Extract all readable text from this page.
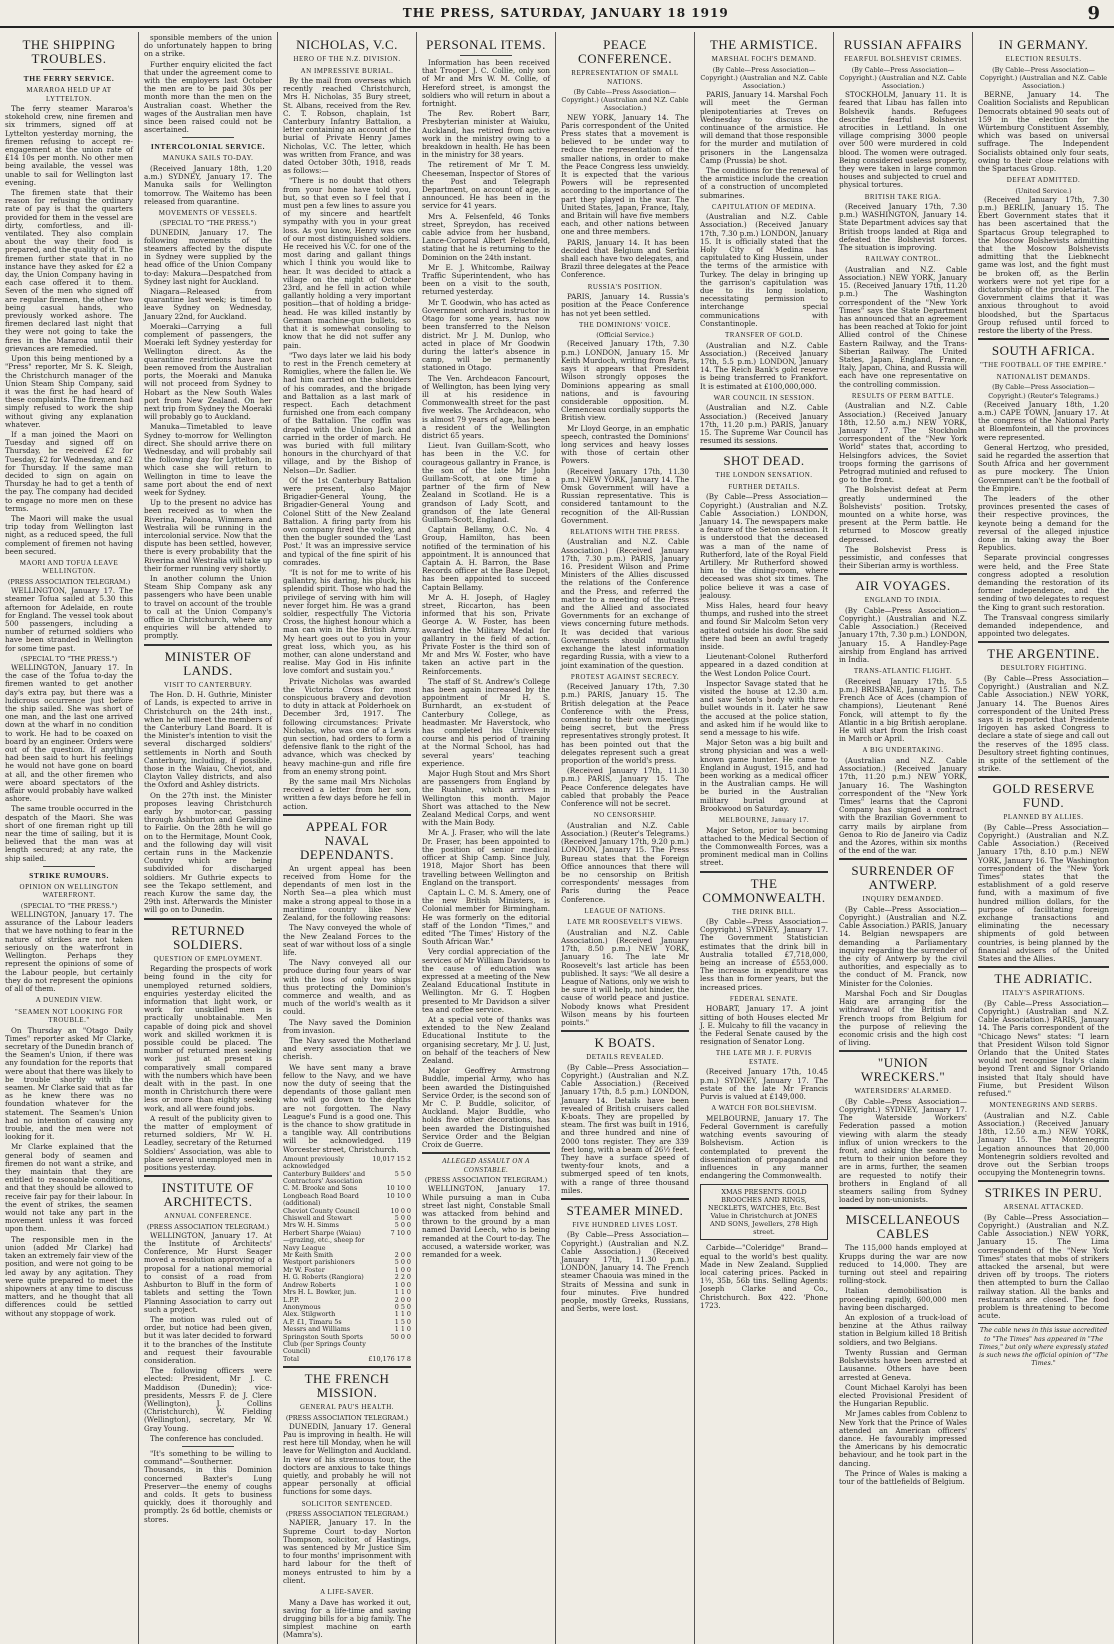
THE PRESS, SATURDAY, JANUARY 18 1919	9
THE SHIPPING TROUBLES.
THE FERRY SERVICE.
MARAROA HELD UP AT LYTTELTON.

The ferry steamer Mararoa's stokehold crew, nine firemen and six trimmers, signed off at Lyttelton yesterday morning, the firemen refusing to accept re-engagement at the union rate of £14 10s per month. No other men being available, the vessel was unable to sail for Wellington last evening.

The firemen state that their reason for refusing the ordinary rate of pay is that the quarters provided for them in the vessel are dirty, comfortless, and ill-ventilated. They also complain about the way their food is prepared, and the quality of it. The firemen further state that in no instance have they asked for £2 a day, the Union Company having in each case offered it to them. Seven of the men who signed off are regular firemen, the other two being casual hands, who previously worked ashore. The firemen declared last night that they were not going to take the fires in the Mararoa until their grievances are remedied.

Upon this being mentioned by a "Press" reporter, Mr S. K. Sleigh, the Christchurch manager of the Union Steam Ship Company, said it was the first he had heard of these complaints. The firemen had simply refused to work the ship without giving any explanation whatever.

If a man joined the Maori on Tuesday and signed off on Thursday, he received £2 for Tuesday, £2 for Wednesday, and £2 for Thursday. If the same man decided to sign on again on Thursday he had to get a tenth of the pay. The company had decided to engage no more men on these terms.

The Maori will make the usual trip today from Wellington last night, as a reduced speed, the full complement of firemen not having been secured.

MAORI AND TOFUA LEAVE WELLINGTON.
(PRESS ASSOCIATION TELEGRAM.)

WELLINGTON, January 17. The steamer Tofua sailed at 5.30 this afternoon for Adelaide, en route for England. The vessel took about 500 passengers, including a number of returned soldiers who have been stranded in Wellington for some time past.

(SPECIAL TO "THE PRESS.")

WELLINGTON, January 17. In the case of the Tofua to-day the firemen wanted to get another day's extra pay, but there was a ludicrous occurrence just before the ship sailed. She was short of one man, and the last one arrived down at the wharf in no condition to work. He had to be coaxed on board by an engineer. Orders were out of the question. If anything had been said to hurt his feelings he would not have gone on board at all, and the other firemen who were aboard spectators of the affair would probably have walked ashore.

The same trouble occurred in the despatch of the Maori. She was short of one fireman right up till near the time of sailing, but it is believed that the man was at length secured; at any rate, the ship sailed.

STRIKE RUMOURS.
OPINION ON WELLINGTON WATERFRONT.
(SPECIAL TO "THE PRESS.")

WELLINGTON, January 17. The assurance of the Labour leaders that we have nothing to fear in the nature of strikes are not taken seriously on the waterfront in Wellington. Perhaps they represent the opinions of some of the Labour people, but certainly they do not represent the opinions of all of them.

A DUNEDIN VIEW.
"SEAMEN NOT LOOKING FOR TROUBLE."

On Thursday an "Otago Daily Times" reporter asked Mr Clarke, secretary of the Dunedin branch of the Seamen's Union, if there was any foundation for the reports that were about that there was likely to be trouble shortly with the seamen. Mr Clarke said that as far as he knew there was no foundation whatever for the statement. The Seamen's Union had no intention of causing any trouble, and the men were not looking for it.

Mr Clarke explained that the general body of seamen and firemen do not want a strike, and they maintain that they are entitled to reasonable conditions, and that they should be allowed to receive fair pay for their labour. In the event of strikes, the seamen would not take any part in the movement unless it was forced upon them.

The responsible men in the union (added Mr Clarke) had taken an extremely fair view of the position, and were not going to be led away by any agitation. They were quite prepared to meet the shipowners at any time to discuss matters, and he thought that all differences could be settled without any stoppage of work.

sponsible members of the union do unfortunately happen to bring on a strike.

Further enquiry elicited the fact that under the agreement come to with the employers last October the men are to be paid 30s per month more than the men on the Australian coast. Whether the wages of the Australian men have since been raised could not be ascertained.

INTERCOLONIAL SERVICE.
MANUKA SAILS TO-DAY.

(Received January 18th, 1.20 a.m.) SYDNEY, January 17. The Manuka sails for Wellington tomorrow. The Waitemo has been released from quarantine.

MOVEMENTS OF VESSELS.
(SPECIAL TO "THE PRESS.")

DUNEDIN, January 17. The following movements of the steamers affected by the dispute in Sydney were supplied by the head office of the Union Company to-day: Makura—Despatched from Sydney last night for Auckland.

Niagara—Released from quarantine last week; is timed to leave Sydney on Wednesday, January 22nd, for Auckland.

Moeraki—Carrying a full complement of passengers, the Moeraki left Sydney yesterday for Wellington direct. As the quarantine restrictions have not been removed from the Australian ports, the Moeraki and Manuka will not proceed from Sydney to Hobart as the New South Wales port from New Zealand. On her next trip from Sydney the Moeraki will probably go to Auckland.

Manuka—Timetabled to leave Sydney to-morrow for Wellington direct. She should arrive there on Wednesday, and will probably sail the following day for Lyttelton, in which case she will return to Wellington in time to leave the same port about the end of next week for Sydney.

Up to the present no advice has been received as to when the Riverina, Paloona, Wimmera and Westralia will be running in the intercolonial service. Now that the dispute has been settled, however, there is every probability that the Riverina and Westralia will take up their former running very shortly.

In another column the Union Steam Ship Company ask any passengers who have been unable to travel on account of the trouble to call at the Union Company's office in Christchurch, where any enquiries will be attended to promptly.

MINISTER OF LANDS.
VISIT TO CANTERBURY.

The Hon. D. H. Guthrie, Minister of Lands, is expected to arrive in Christchurch on the 24th inst., when he will meet the members of the Canterbury Land Board. It is the Minister's intention to visit the several discharged soldiers' settlements in North and South Canterbury, including, if possible, those in the Waiau, Cheviot, and Clayton Valley districts, and also the Oxford and Ashley districts.

On the 27th inst. the Minister proposes leaving Christchurch early by motor-car, passing through Ashburton and Geraldine to Fairlie. On the 28th he will go on to the Hermitage, Mount Cook, and the following day will visit certain runs in the Mackenzie Country which are being subdivided for discharged soldiers. Mr Guthrie expects to see the Tekapo settlement, and reach Kurow the same day, the 29th inst. Afterwards the Minister will go on to Dunedin.

RETURNED SOLDIERS.
QUESTION OF EMPLOYMENT.

Regarding the prospects of work being found in the city for unemployed returned soldiers, enquiries yesterday elicited the information that light work, or work for unskilled men is practically unobtainable. Men capable of doing pick and shovel work and skilled workmen it is possible could be placed. The number of returned men seeking work just at present is comparatively small compared with the numbers which have been dealt with in the past. In one month in Christchurch there were less or more than eighty seeking work, and all were found jobs.

A result of the publicity given to the matter of employment of returned soldiers, Mr W. H. Leadley, secretary of the Returned Soldiers' Association, was able to place several unemployed men in positions yesterday.

INSTITUTE OF ARCHITECTS.
ANNUAL CONFERENCE.
(PRESS ASSOCIATION TELEGRAM.)

WELLINGTON, January 17. At the Institute of Architects' Conference, Mr Hurst Seager moved a resolution approving of a proposal for a national memorial to consist of a road from Ashburton to Bluff in the form of tablets and setting the Town Planning Association to carry out such a project.

The motion was ruled out of order, but notice had been given, but it was later decided to forward it to the branches of the Institute and request their favourable consideration.

The following officers were elected: President, Mr J. C. Maddison (Dunedin); vice-presidents, Messrs F. de J. Clere (Wellington), J. Collins (Christchurch), W. Fielding (Wellington), secretary, Mr W. Gray Young.

The conference has concluded.

"It's something to be willing to command"—Southerner. Thousands, in this Dominion concerned Baxter's Lung Preserver—the enemy of coughs and colds. It gets to business quickly, does it thoroughly and promptly. 2s 6d bottle, chemists or stores.

NICHOLAS, V.C.
HERO OF THE N.Z. DIVISION.
AN IMPRESSIVE BURIAL.

By the mail from overseas which recently reached Christchurch, Mrs H. Nicholas, 35 Bury street, St. Albans, received from the Rev. C. T. Robson, chaplain, 1st Canterbury Infantry Battalion, a letter containing an account of the burial of Private Henry James Nicholas, V.C. The letter, which was written from France, and was dated October 30th, 1918, reads as follows:—

"There is no doubt that others from your home have told you, but, so that even so I feel that I must pen a few lines to assure you of my sincere and heartfelt sympathy with you in your great loss. As you know, Henry was one of our most distinguished soldiers. He received his V.C. for one of the most daring and gallant things which I think you would like to hear. It was decided to attack a village on the night of October 23rd, and he fell in action while gallantly holding a very important position—that of holding a bridge-head. He was killed instantly by German machine-gun bullets, so that it is somewhat consoling to know that he did not suffer any pain.

"Two days later we laid his body to rest in the French cemetery at Romiglies, where the fallen lie. We had him carried on the shoulders of his comrades, and the brigade and Battalion as a last mark of respect. Each detachment furnished one from each company of the Battalion. The coffin was draped with the Union Jack and carried in the order of march. He was buried with full military honours in the churchyard of that village, and by the Bishop of Nelson—Dr. Sadlier.

Of the 1st Canterbury Battalion were present, also Major Brigadier-General Young, the Brigadier-General Young and Colonel Stitt of the New Zealand Battalion. A firing party from his own company fired the volley, and then the bugler sounded the 'Last Post.' It was an impressive service and typical of the fine spirit of his comrades.

"It is not for me to write of his gallantry, his daring, his pluck, his splendid spirit. Those who had the privilege of serving with him will never forget him. He was a grand soldier, respectfully The Victoria Cross, the highest honour which a man can win in the British Army. My heart goes out to you in your great loss, which you, as his mother, can alone understand and realise. May God in His infinite love comfort and sustain you."

Private Nicholas was awarded the Victoria Cross for most conspicuous bravery and devotion to duty in attack at Polderhoek on December 3rd, 1917. The following circumstances: Private Nicholas, who was one of a Lewis gun section, had orders to form a defensive flank to the right of the advance, which was checked by heavy machine-gun and rifle fire from an enemy strong point.

By the same mail Mrs Nicholas received a letter from her son, written a few days before he fell in action.

APPEAL FOR NAVAL DEPENDANTS.

An urgent appeal has been received from Home for the dependants of men lost in the North Sea—a plea which must make a strong appeal to those in a maritime country like New Zealand, for the following reasons:

The Navy conveyed the whole of the New Zealand Forces to the seat of war without loss of a single life.

The Navy conveyed all our produce during four years of war with the loss of only two ships thus protecting the Dominion's commerce and wealth, and as much of the world's wealth as it could.

The Navy saved the Dominion from invasion.

The Navy saved the Motherland and every association that we cherish.

We have sent many a brave fellow to the Navy, and we have now the duty of seeing that the dependants of those gallant men who will go down to the depths are not forgotten. The Navy League's Fund is a good one. This is the chance to show gratitude in a tangible way. All contributions will be acknowledged. 119 Worcester street, Christchurch.

Amount previously acknowledged	10,017 15 2
Canterbury Builders' and Contractors' Association	5 5 0
C. M. Brooke and Sons	10 10 0
Longbeach Road Board (additional)	10 10 0
Cheviot County Council	10 0 0
Chiswell and Stewart	5 0 0
Mrs W. H. Simms	5 0 0
Herbert Sharpe (Waiau) —grazing, etc., sheep for Navy League	7 10 0
Mr Keith Smith	2 0 0
Westport parishioners	5 0 0
Mr W. Foster	1 0 0
H. G. Roberts (Rangiora)	2 2 0
Andrew Roberts	1 0 0
Mrs H. L. Bowker, jun.	1 1 0
L.P.P.	2 0 0
Anonymous	0 5 0
Alex. Stilgworth	1 1 0
A.P. £1, Timaru 5s	1 5 0
Messrs and Williams	1 1 0
Springston South Sports Club (per Springs County Council)	50 0 0
Total	£10,176 17 8
THE FRENCH MISSION.
GENERAL PAU'S HEALTH.
(PRESS ASSOCIATION TELEGRAM.)

DUNEDIN, January 17. General Pau is improving in health. He will rest here till Monday, when he will leave for Wellington and Auckland. In view of his strenuous tour, the doctors are anxious to take things quietly, and probably he will not appear personally at official functions for some days.

SOLICITOR SENTENCED.
(PRESS ASSOCIATION TELEGRAM.)

NAPIER, January 17. In the Supreme Court to-day Norton Thompson, solicitor, of Hastings, was sentenced by Mr Justice Sim to four months' imprisonment with hard labour for the theft of moneys entrusted to him by a client.

A LIFE-SAVER.

Many a Dave has worked it out, saving for a life-time and saving drugging bills for a big family. The simplest machine on earth (Mamra's).

PERSONAL ITEMS.

Information has been received that Trooper J. C. Collie, only son of Mr and Mrs W. M. Collie, of Hereford street, is amongst the soldiers who will return in about a fortnight.

The Rev. Robert Barr, Presbyterian minister at Waiuku, Auckland, has retired from active work in the ministry owing to a breakdown in health. He has been in the ministry for 38 years.

The retirement of Mr T. M. Cheeseman, Inspector of Stores of the Post and Telegraph Department, on account of age, is announced. He has been in the service for 41 years.

Mrs A. Felsenfeld, 46 Tonks street, Spreydon, has received cable advice from her husband, Lance-Corporal Albert Felsenfeld, stating that he is returning to the Dominion on the 24th instant.

Mr E. J. Whitcombe, Railway Traffic Superintendent, who has been on a visit to the south, returned yesterday.

Mr T. Goodwin, who has acted as Government orchard instructor in Otago for some years, has now been transferred to the Nelson district. Mr J. M. Dunlop, who acted in place of Mr Goodwin during the latter's absence in camp, will be permanently stationed in Otago.

The Ven. Archdeacon Fancourt, of Wellington, has been lying very ill at his residence in Commonwealth street for the past five weeks. The Archdeacon, who is almost 79 years of age, has been a resident of the Wellington district 65 years.

Lieut. Ivan Guillam-Scott, who has been in the V.C. for courageous gallantry in France, is the son of the late Mr John Guillam-Scott, at one time a partner of the firm of New Zealand in Scotland. He is a grandson of Lady Scott, and grandson of the late General Guillam-Scott, England.

Captain Bellamy, O.C. No. 4 Group, Hamilton, has been notified of the termination of his appointment. It is announced that Captain A. H. Barron, the Base Records officer at the Base Depot, has been appointed to succeed Captain Bellamy.

Mr A. H. Joseph, of Hagley street, Riccarton, has been informed that his son, Private George A. W. Foster, has been awarded the Military Medal for gallantry in the field of action. Private Foster is the third son of Mr and Mrs W. Foster, who have taken an active part in the Reinforcements.

The staff of St. Andrew's College has been again increased by the appointment of Mr H. S. Burnhardt, an ex-student of Canterbury College, as headmaster. Mr Haverstock, who has completed his University course and his period of training at the Normal School, has had several years' teaching experience.

Major Hugh Stout and Mrs Short are passengers from England by the Ruahine, which arrives in Wellington this month. Major Short was attached to the New Zealand Medical Corps, and went with the Main Body.

Mr A. J. Fraser, who will the late Dr. Fraser, has been appointed to the position of senior medical officer at Ship Camp. Since July, 1918, Major Short has been travelling between Wellington and England on the transport.

Captain L. C. M. S. Amery, one of the new British Ministers, is Colonial member for Birmingham. He was formerly on the editorial staff of the London "Times," and edited "The Times' History of the South African War."

Very cordial appreciation of the services of Mr William Davidson to the cause of education was expressed at a meeting of the New Zealand Educational Institute in Wellington. Mr G. T. Hogben presented to Mr Davidson a silver tea and coffee service.

At a special vote of thanks was extended to the New Zealand Educational Institute to the organising secretary, Mr J. U. Just, on behalf of the teachers of New Zealand.

Major Geoffrey Armstrong Buddle, imperial Army, who has been awarded the Distinguished Service Order, is the second son of Mr C. P. Buddle, solicitor, of Auckland. Major Buddle, who holds five other decorations, has been awarded the Distinguished Service Order and the Belgian Croix de Guerre.

ALLEGED ASSAULT ON A CONSTABLE.
(PRESS ASSOCIATION TELEGRAM.)

WELLINGTON, January 17. While pursuing a man in Cuba street last night, Constable Small was attacked from behind and thrown to the ground by a man named David Leech, who is being remanded at the Court to-day. The accused, a waterside worker, was remanded for a week.

PEACE CONFERENCE.
REPRESENTATION OF SMALL NATIONS.
(By Cable—Press Association—Copyright.) (Australian and N.Z. Cable Association.)

NEW YORK, January 14. The Paris correspondent of the United Press states that a movement is believed to be under way to reduce the representation of the smaller nations, in order to make the Peace Congress less unwieldy. It is expected that the various Powers will be represented according to the importance of the part they played in the war. The United States, Japan, France, Italy, and Britain will have five members each, and other nations between one and three members.

PARIS, January 14. It has been decided that Belgium and Serbia shall each have two delegates, and Brazil three delegates at the Peace Conference.

RUSSIA'S POSITION.

PARIS, January 14. Russia's position at the Peace Conference has not yet been settled.

THE DOMINIONS' VOICE.
(Official Service.)

(Received January 17th, 7.30 p.m.) LONDON, January 15. Mr Keith Murdoch, writing from Paris, says it appears that President Wilson strongly opposes the Dominions appearing as small nations, and is favouring considerable opposition. M. Clemenceau cordially supports the British view.

Mr Lloyd George, in an emphatic speech, contrasted the Dominions' long services and heavy losses with those of certain other Powers.

(Received January 17th, 11.30 p.m.) NEW YORK, January 14. The Omsk Government will have a Russian representative. This is considered tantamount to the recognition of the All-Russian Government.

RELATIONS WITH THE PRESS.

(Australian and N.Z. Cable Association.) (Received January 17th, 7.30 p.m.) PARIS, January 16. President Wilson and Prime Ministers of the Allies discussed the relations of the Conference and the Press, and referred the matter to a meeting of the Press and the Allied and associated Governments for an exchange of views concerning future methods. It was decided that various Governments should mutually exchange the latest information regarding Russia, with a view to a joint examination of the question.

PROTEST AGAINST SECRECY.

(Received January 17th, 7.30 p.m.) PARIS, January 15. The British delegation at the Peace Conference with the Press, consenting to their own meetings being secret, but the Press representatives strongly protest. It has been pointed out that the delegates represent such a great proportion of the world's press.

(Received January 17th, 11.30 p.m.) PARIS, January 15. The Peace Conference delegates have cabled that probably the Peace Conference will not be secret.

NO CENSORSHIP.

(Australian and N.Z. Cable Association.) (Reuter's Telegrams.) (Received January 17th, 9.20 p.m.) LONDON, January 15. The Press Bureau states that the Foreign Office announces that there will be no censorship on British correspondents' messages from Paris during the Peace Conference.

LEAGUE OF NATIONS.
LATE MR ROOSEVELT'S VIEWS.

(Australian and N.Z. Cable Association.) (Received January 17th, 8.50 p.m.) NEW YORK, January 16. The late Mr Roosevelt's last article has been published. It says: "We all desire a League of Nations, only we wish to be sure it will help, not hinder, the cause of world peace and justice. Nobody knows what President Wilson means by his fourteen points."

K BOATS.
DETAILS REVEALED.

(By Cable—Press Association—Copyright.) (Australian and N.Z. Cable Association.) (Received January 17th, 8.5 p.m.) LONDON, January 14. Details have been revealed of British cruisers called K-boats. They are propelled by steam. The first was built in 1916, and three hundred and nine of 2000 tons register. They are 339 feet long, with a beam of 26½ feet. They have a surface speed of twenty-four knots, and a submerged speed of ten knots, with a range of three thousand miles.

STEAMER MINED.
FIVE HUNDRED LIVES LOST.

(By Cable—Press Association—Copyright.) (Australian and N.Z. Cable Association.) (Received January 17th, 11.30 p.m.) LONDON, January 14. The French steamer Chaouia was mined in the Straits of Messina and sunk in four minutes. Five hundred people, mostly Greeks, Russians, and Serbs, were lost.

THE ARMISTICE.
MARSHAL FOCH'S DEMAND.
(By Cable—Press Association—Copyright.) (Australian and N.Z. Cable Association.)

PARIS, January 14. Marshal Foch will meet the German plenipotentiaries at Treves on Wednesday to discuss the continuance of the armistice. He will demand that those responsible for the murder and mutilation of prisoners in the Langensalza Camp (Prussia) be shot.

The conditions for the renewal of the armistice include the creation of a construction of uncompleted submarines.

CAPITULATION OF MEDINA.

(Australian and N.Z. Cable Association.) (Received January 17th, 7.30 p.m.) LONDON, January 15. It is officially stated that the Holy City of Medina has capitulated to King Hussein, under the terms of the armistice with Turkey. The delay in bringing up the garrison's capitulation was due to its long isolation, necessitating permission to interchange special communications with Constantinople.

TRANSFER OF GOLD.

(Australian and N.Z. Cable Association.) (Received January 17th, 5.5 p.m.) LONDON, January 14. The Reich Bank's gold reserve is being transferred to Frankfort. It is estimated at £100,000,000.

WAR COUNCIL IN SESSION.

(Australian and N.Z. Cable Association.) (Received January 17th, 11.20 p.m.) PARIS, January 15. The Supreme War Council has resumed its sessions.

SHOT DEAD.
THE LONDON SENSATION.
FURTHER DETAILS.

(By Cable—Press Association—Copyright.) (Australian and N.Z. Cable Association.) LONDON, January 14. The newspapers make a feature of the Seton sensation. It is understood that the deceased was a man of the name of Rutherford, late of the Royal Field Artillery. Mr Rutherford showed him to the dining-room, where deceased was shot six times. The police believe it was a case of jealousy.

Miss Hales, heard four heavy thumps, and rushed into the street and found Sir Malcolm Seton very agitated outside his door. She said there had been an awful tragedy inside.

Lieutenant-Colonel Rutherford appeared in a dazed condition at the West London Police Court.

Inspector Savage stated that he visited the house at 12.30 a.m. and saw Seton's body with three bullet wounds in it. Later he saw the accused at the police station, and asked him if he would like to send a message to his wife.

Major Seton was a big built and strong physician and was a well-known game hunter. He came to England in August, 1915, and had been working as a medical officer in the Australian camps. He will be buried in the Australian military burial ground at Brookwood on Saturday.

MELBOURNE, January 17.

Major Seton, prior to becoming attached to the Medical Section of the Commonwealth Forces, was a prominent medical man in Collins street.

THE COMMONWEALTH.
THE DRINK BILL.

(By Cable—Press Association—Copyright.) SYDNEY, January 17. The Government Statistician estimates that the drink bill in Australia totalled £7,718,000, being an increase of £553,000. The increase in expenditure was less than in former years, but the increased prices.

FEDERAL SENATE.

HOBART, January 17. A joint sitting of both Houses elected Mr J. E. Mulcahy to fill the vacancy in the Federal Senate caused by the resignation of Senator Long.

THE LATE MR J. F. PURVIS ESTATE.

(Received January 17th, 10.45 p.m.) SYDNEY, January 17. The estate of the late Mr Francis Purvis is valued at £149,000.

A WATCH FOR BOLSHEVISM.

MELBOURNE, January 17. The Federal Government is carefully watching events savouring of Bolshevism. Action is contemplated to prevent the dissemination of propaganda and influences in any manner endangering the Commonwealth.

XMAS PRESENTS. GOLD BROOCHES AND RINGS, NECKLETS, WATCHES, Etc. Best Value in Christchurch at JONES AND SONS, Jewellers, 278 High street.

Carbide—"Coleridge" Brand—equal to the world's best quality. Made in New Zealand. Supplied local catering prices. Packed in 1½, 35b, 56b tins. Selling Agents: Joseph Clarke and Co., Christchurch. Box 422. 'Phone 1723.

RUSSIAN AFFAIRS
FEARFUL BOLSHEVIST CRIMES.
(By Cable—Press Association—Copyright.) (Australian and N.Z. Cable Association.)

STOCKHOLM, January 11. It is feared that Libau has fallen into Bolshevik hands. Refugees describe fearful Bolshevist atrocities in Lettland. In one village comprising 3000 people over 500 were murdered in cold blood. The women were outraged. Being considered useless property, they were taken in large common houses and subjected to cruel and physical tortures.

BRITISH TAKE RIGA.

(Received January 17th, 7.30 p.m.) WASHINGTON, January 14. State Department advices say that British troops landed at Riga and defeated the Bolshevist forces. The situation is improving.

RAILWAY CONTROL.

(Australian and N.Z. Cable Association.) NEW YORK, January 15. (Received January 17th, 11.20 p.m.) The Washington correspondent of the "New York Times" says the State Department has announced that an agreement has been reached at Tokio for joint Allied control of the Chinese Eastern Railway, and the Trans-Siberian Railway. The United States, Japan, England, France, Italy, Japan, China, and Russia will each have one representative on the controlling commission.

RESULTS OF PERM BATTLE.

(Australian and N.Z. Cable Association.) (Received January 18th, 12.50 a.m.) NEW YORK, January 17. The Stockholm correspondent of the "New York World" states that, according to Helsingfors advices, the Soviet troops forming the garrisons of Petrograd mutinied and refused to go to the front.

The Bolshevist defeat at Perm greatly undermined the Bolshevists' position. Trotsky, mounted on a white horse, was present at the Perm battle. He returned to Moscow greatly depressed.

The Bolshevist Press is pessimistic, and confesses that their Siberian army is worthless.

AIR VOYAGES.
ENGLAND TO INDIA.

(By Cable—Press Association—Copyright.) (Australian and N.Z. Cable Association.) (Received January 17th, 7.30 p.m.) LONDON, January 15. A Handley-Page airship from England has arrived in India.

TRANS-ATLANTIC FLIGHT.

(Received January 17th, 5.5 p.m.) BRISBANE, January 15. The French Ace of Aces (champion of champions), Lieutenant René Fonck, will attempt to fly the Atlantic in a big British aeroplane. He will start from the Irish coast in March or April.

A BIG UNDERTAKING.

(Australian and N.Z. Cable Association.) (Received January 17th, 11.20 p.m.) NEW YORK, January 16. The Washington correspondent of the "New York Times" learns that the Caproni Company has signed a contract with the Brazilian Government to carry mails by airplane from Genoa to Rio de Janeiro via Cadiz and the Azores, within six months of the end of the war.

SURRENDER OF ANTWERP.
INQUIRY DEMANDED.

(By Cable—Press Association—Copyright.) (Australian and N.Z. Cable Association.) PARIS, January 14. Belgian newspapers are demanding a Parliamentary inquiry regarding the surrender of the city of Antwerp by the civil authorities, and especially as to the conduct of M. Franck, now Minister for the Colonies.

Marshal Foch and Sir Douglas Haig are arranging for the withdrawal of the British and French troops from Belgium for the purpose of relieving the economic crisis and the high cost of living.

"UNION WRECKERS."
WATERSIDERS' ALARMED.

(By Cable—Press Association—Copyright.) SYDNEY, January 17. The Waterside Workers' Federation passed a motion viewing with alarm the steady influx of union wreckers to the front, and asking the seamen to return to their union before they are in arms, further, the seamen are requested to notify their brothers in England of all steamers sailing from Sydney loaded by non-unionists.

MISCELLANEOUS CABLES

The 115,000 hands employed at Krupps during the war are now reduced to 14,000. They are turning out steel and repairing rolling-stock.

Italian demobilisation is proceeding rapidly, 600,000 men having been discharged.

An explosion of a truck-load of benzine at the Athus railway station in Belgium killed 18 British soldiers, and two Belgians.

Twenty Russian and German Bolshevists have been arrested at Lausanne. Others have been arrested at Geneva.

Count Michael Karolyi has been elected Provisional President of the Hungarian Republic.

Mr James cables from Coblenz to New York that the Prince of Wales attended an American officers' dance. He favourably impressed the Americans by his democratic behaviour, and he took part in the dancing.

The Prince of Wales is making a tour of the battlefields of Belgium.

IN GERMANY.
ELECTION RESULTS.
(By Cable—Press Association—Copyright.) (Australian and N.Z. Cable Association.)

BERNE, January 14. The Coalition Socialists and Republican Democrats obtained 90 seats out of 159 in the election for the Würtemburg Constituent Assembly, which was based on universal suffrage. The Independent Socialists obtained only four seats, owing to their close relations with the Spartacus Group.

DEFEAT ADMITTED.
(United Service.)

(Received January 17th, 7.30 p.m.) BERLIN, January 15. The Ebert Government states that it has been ascertained that the Spartacus Group telegraphed to the Moscow Bolshevists admitting that the Moscow Bolshevists admitting that the Liebknecht game was lost, and the fight must be broken off, as the Berlin workers were not yet ripe for a dictatorship of the proletariat. The Government claims that it was anxious throughout to avoid bloodshed, but the Spartacus Group refused until forced to restore the liberty of the Press.

SOUTH AFRICA.
"THE FOOTBALL OF THE EMPIRE."
NATIONALIST DEMANDS.
(By Cable—Press Association—Copyright.) (Reuter's Telegrams.)

(Received January 18th, 1.20 a.m.) CAPE TOWN, January 17. At the congress of the National Party at Bloemfontein, all the provinces were represented.

General Hertzog, who presided, said he regarded the assertion that South Africa and her government as pure mockery. The Union Government can't be the football of the Empire.

The leaders of the other provinces presented the cases of their respective provinces, the keynote being a demand for the reversal of the alleged injustice done in taking away the Boer Republics.

Separate provincial congresses were held, and the Free State congress adopted a resolution demanding the restoration of its former independence, and the sending of two delegates to request the King to grant such restoration.

The Transvaal congress similarly demanded independence, and appointed two delegates.

THE ARGENTINE.
DESULTORY FIGHTING.

(By Cable—Press Association—Copyright.) (Australian and N.Z. Cable Association.) NEW YORK, January 14. The Buenos Aires correspondent of the United Press says it is reported that Presidente Irigoyen has asked Congress to declare a state of siege and call out the reserves of the 1895 class. Desultory street fighting continues, in spite of the settlement of the strike.

GOLD RESERVE FUND.
PLANNED BY ALLIES.

(By Cable—Press Association—Copyright.) (Australian and N.Z. Cable Association.) (Received January 17th, 8.10 p.m.) NEW YORK, January 16. The Washington correspondent of the "New York Times" states that the establishment of a gold reserve fund, with a maximum of five hundred million dollars, for the purpose of facilitating foreign exchange transactions and eliminating the necessary shipments of gold between countries, is being planned by the financial advisers of the United States and the Allies.

THE ADRIATIC.
ITALY'S ASPIRATIONS.

(By Cable—Press Association—Copyright.) (Australian and N.Z. Cable Association.) PARIS, January 14. The Paris correspondent of the "Chicago News" states: "I learn that President Wilson told Signor Orlando that the United States would not recognise Italy's claim beyond Trent and Signor Orlando insisted that Italy should have Fiume, but President Wilson refused."

MONTENEGRINS AND SERBS.

(Australian and N.Z. Cable Association.) (Received January 18th, 12.50 a.m.) NEW YORK, January 15. The Montenegrin Legation announces that 20,000 Montenegrin soldiers revolted and drove out the Serbian troops occupying the Montenegrin towns.

STRIKES IN PERU.
ARSENAL ATTACKED.

(By Cable—Press Association—Copyright.) (Australian and N.Z. Cable Association.) NEW YORK, January 15. The Lima correspondent of the "New York Times" states that mobs of strikers attacked the arsenal, but were driven off by troops. The rioters then attempted to burn the Callao railway station. All the banks and restaurants are closed. The food problem is threatening to become acute.

The cable news in this issue accredited to "The Times" has appeared in "The Times," but only where expressly stated is such news the official opinion of "The Times."
